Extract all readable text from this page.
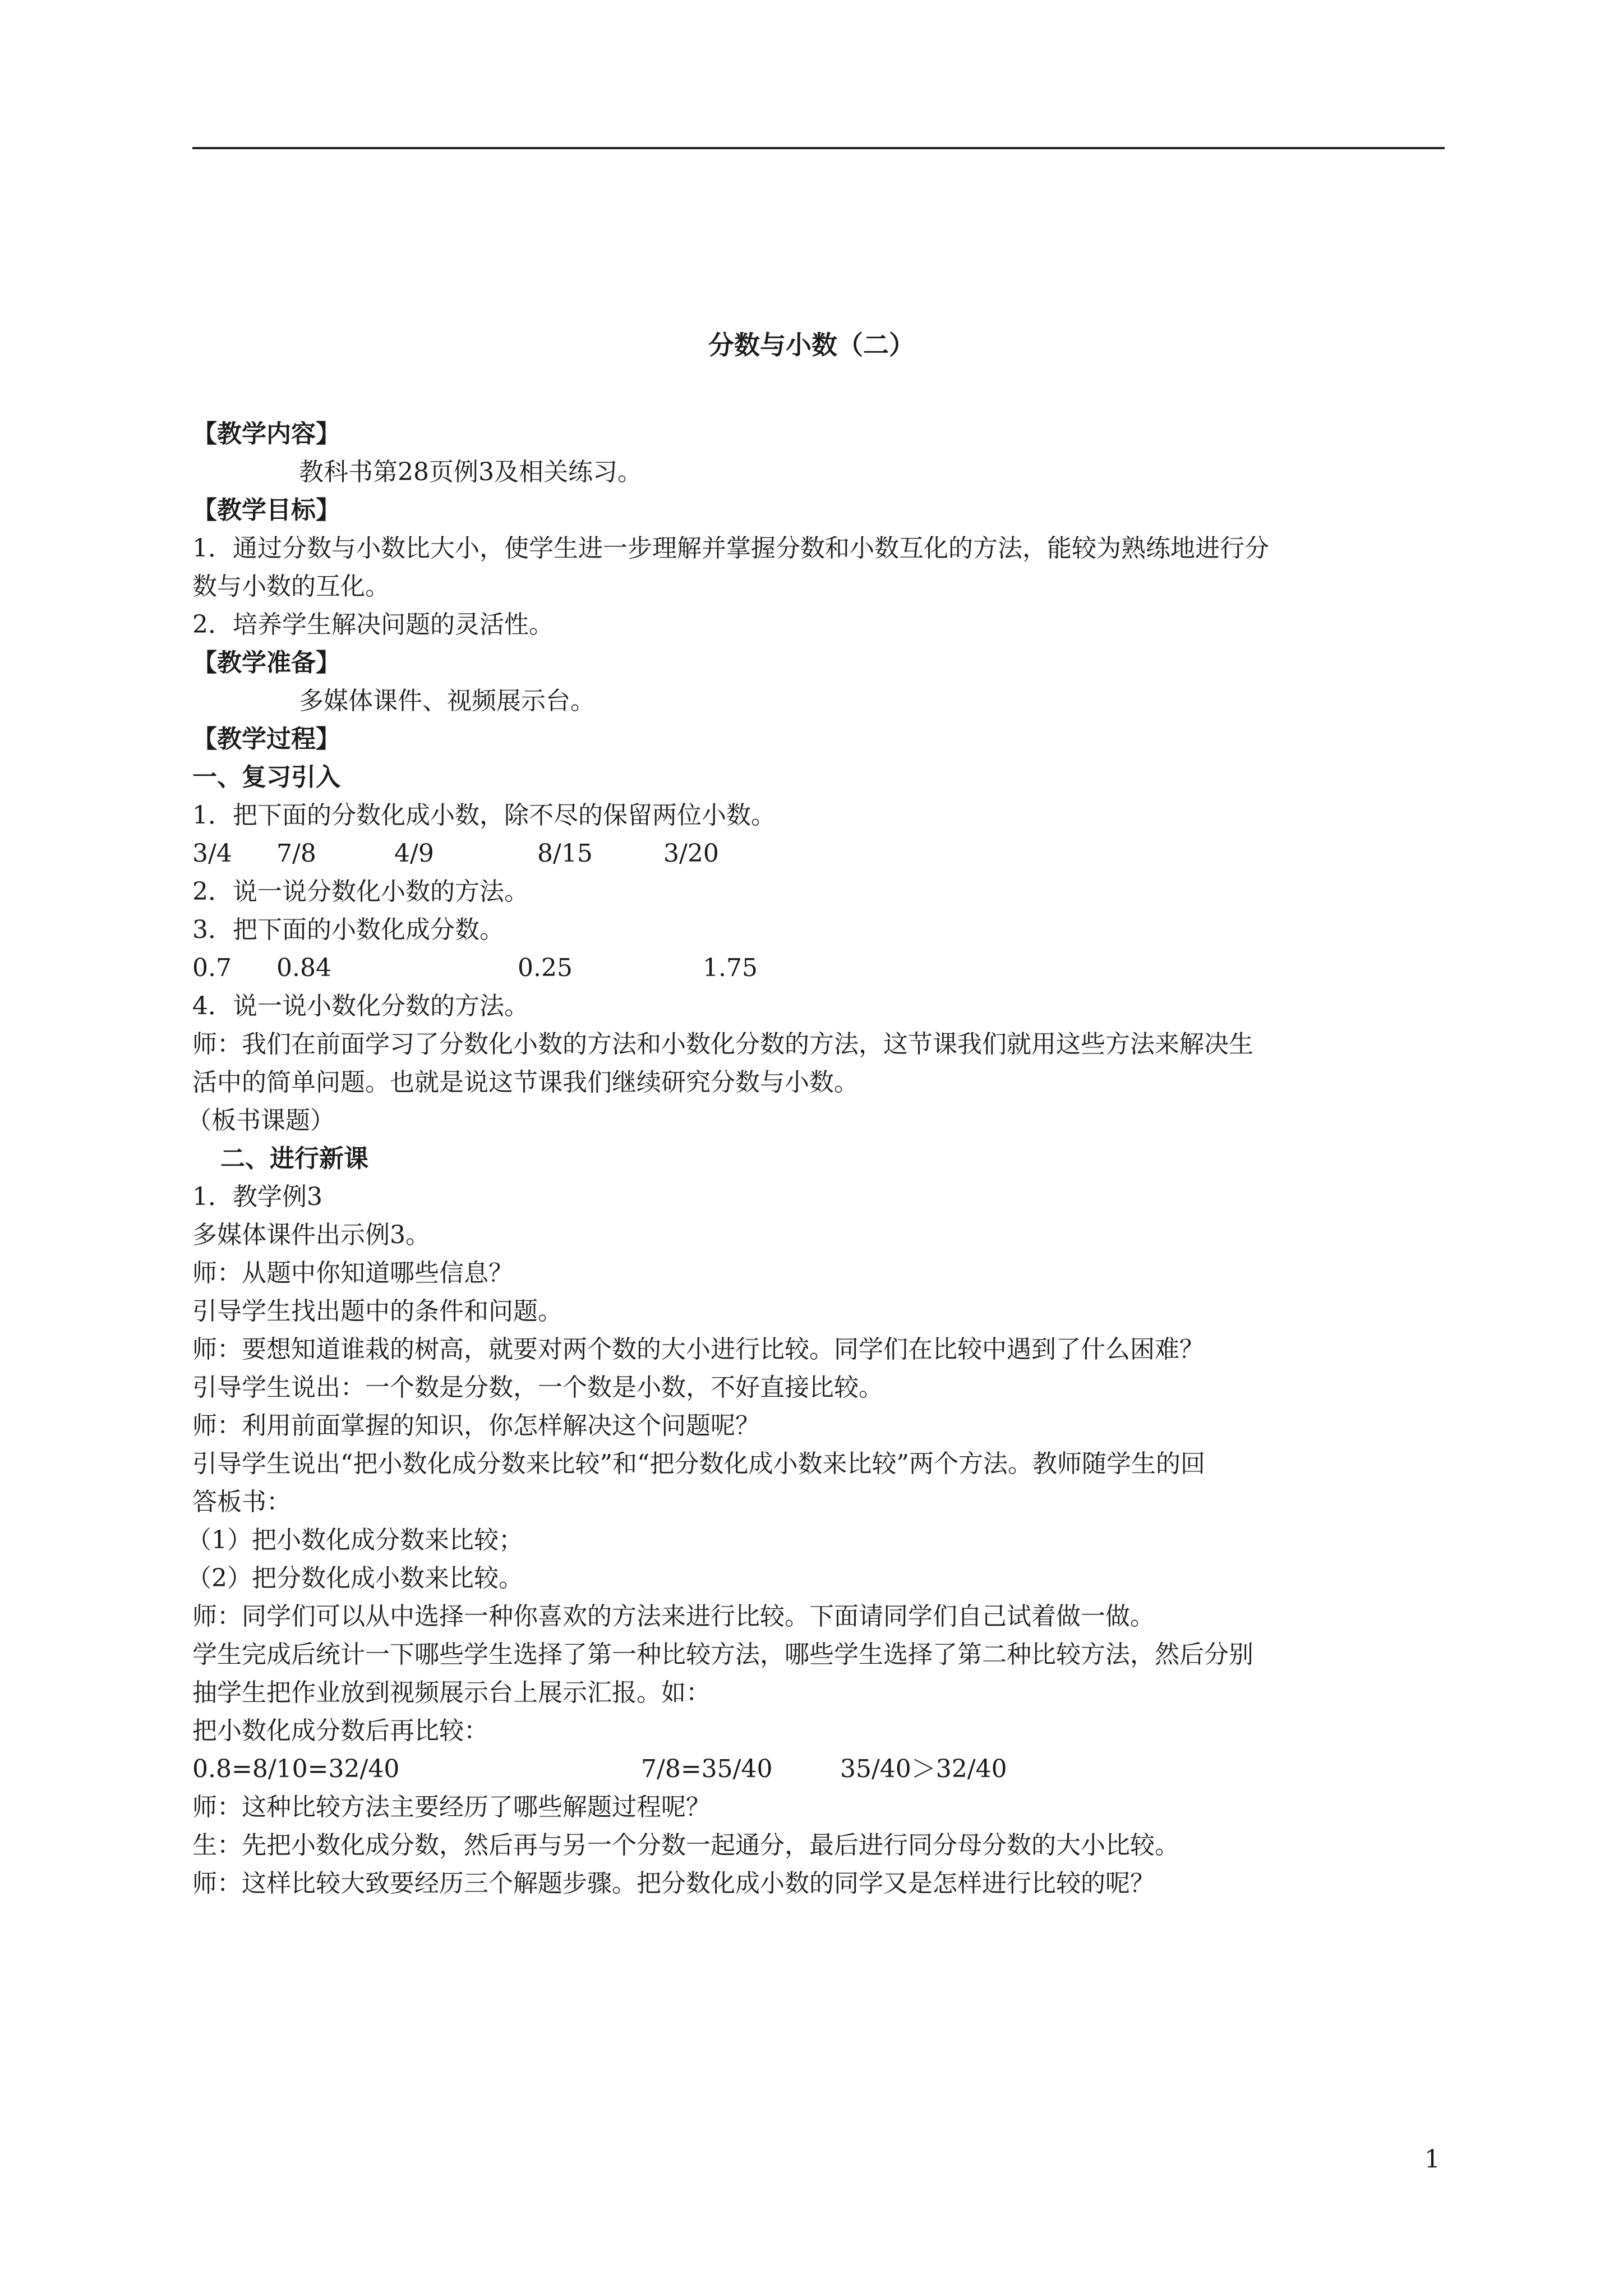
分数与小数（二）
【教学内容】
教科书第28页例3及相关练习。
【教学目标】
1．通过分数与小数比大小，使学生进一步理解并掌握分数和小数互化的方法，能较为熟练地进行分
数与小数的互化。
2．培养学生解决问题的灵活性。
【教学准备】
多媒体课件、视频展示台。
【教学过程】
一、复习引入
1．把下面的分数化成小数，除不尽的保留两位小数。
3/4 7/8	4/9	8/15	3/20
2．说一说分数化小数的方法。
3．把下面的小数化成分数。
0.7 0.84	0.25	1.75
4．说一说小数化分数的方法。
师：我们在前面学习了分数化小数的方法和小数化分数的方法，这节课我们就用这些方法来解决生
活中的简单问题。也就是说这节课我们继续研究分数与小数。
（板书课题）
二、进行新课
1．教学例3
多媒体课件出示例3。
师：从题中你知道哪些信息？
引导学生找出题中的条件和问题。
师：要想知道谁栽的树高，就要对两个数的大小进行比较。同学们在比较中遇到了什么困难？
引导学生说出：一个数是分数，一个数是小数，不好直接比较。
师：利用前面掌握的知识，你怎样解决这个问题呢？
引导学生说出“把小数化成分数来比较”和“把分数化成小数来比较”两个方法。教师随学生的回
答板书：
（1）把小数化成分数来比较；
（2）把分数化成小数来比较。
师：同学们可以从中选择一种你喜欢的方法来进行比较。下面请同学们自己试着做一做。
学生完成后统计一下哪些学生选择了第一种比较方法，哪些学生选择了第二种比较方法，然后分别
抽学生把作业放到视频展示台上展示汇报。如：
把小数化成分数后再比较：
0.8=8/10=32/40	7/8=35/40	35/40＞32/40
师：这种比较方法主要经历了哪些解题过程呢？
生：先把小数化成分数，然后再与另一个分数一起通分，最后进行同分母分数的大小比较。
师：这样比较大致要经历三个解题步骤。把分数化成小数的同学又是怎样进行比较的呢？
1
